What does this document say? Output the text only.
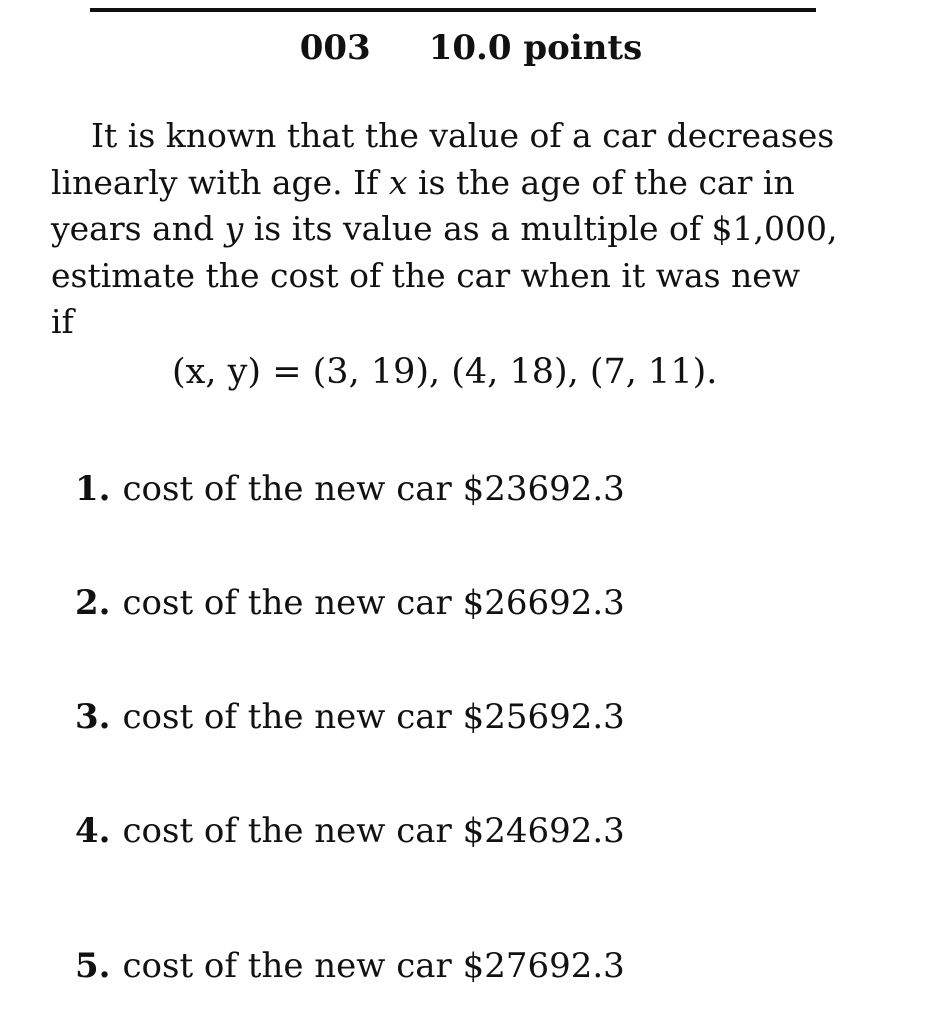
003 10.0 points
It is known that the value of a car decreases
linearly with age. If x is the age of the car in
years and y is its value as a multiple of $1,000,
estimate the cost of the car when it was new
if
(x, y) = (3, 19), (4, 18), (7, 11).
1. cost of the new car $23692.3
2. cost of the new car $26692.3
3. cost of the new car $25692.3
4. cost of the new car $24692.3
5. cost of the new car $27692.3
